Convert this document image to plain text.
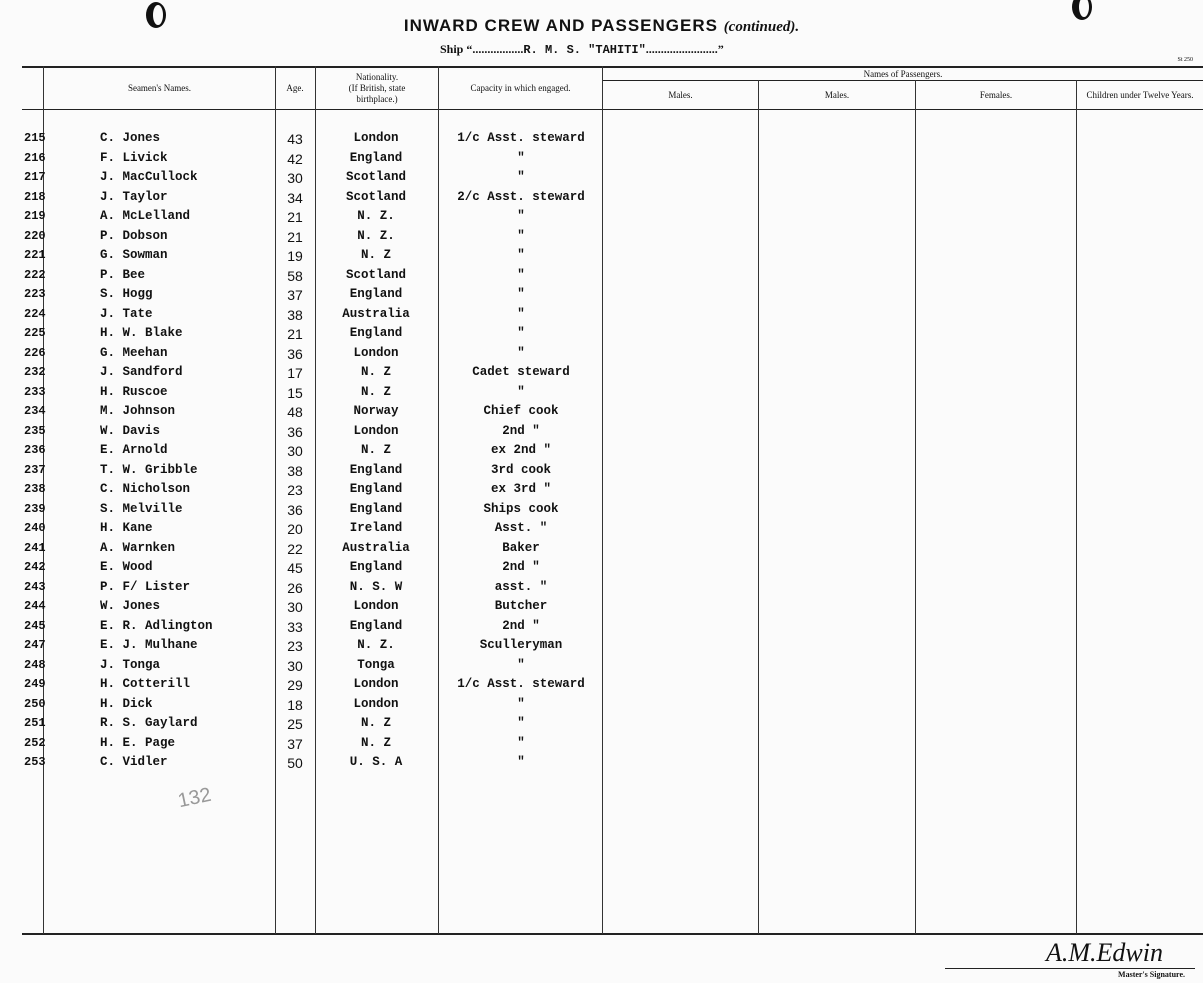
INWARD CREW AND PASSENGERS (continued).
Ship “.................R. M. S. "TAHITI"........................”
St 250
Seamen's Names.	Age.
Nationality.
(If British, state birthplace.)
Capacity in which engaged.
Names of Passengers.
Males.	Males.	Females.	Children under Twelve Years.
215	C. Jones	43	London	1/c Asst. steward
216	F. Livick	42	England	"
217	J. MacCullock	30	Scotland	"
218	J. Taylor	34	Scotland	2/c Asst. steward
219	A. McLelland	21	N. Z.	"
220	P. Dobson	21	N. Z.	"
221	G. Sowman	19	N. Z	"
222	P. Bee	58	Scotland	"
223	S. Hogg	37	England	"
224	J. Tate	38	Australia	"
225	H. W. Blake	21	England	"
226	G. Meehan	36	London	"
232	J. Sandford	17	N. Z	Cadet steward
233	H. Ruscoe	15	N. Z	"
234	M. Johnson	48	Norway	Chief cook
235	W. Davis	36	London	2nd "
236	E. Arnold	30	N. Z	ex 2nd "
237	T. W. Gribble	38	England	3rd cook
238	C. Nicholson	23	England	ex 3rd "
239	S. Melville	36	England	Ships cook
240	H. Kane	20	Ireland	Asst. "
241	A. Warnken	22	Australia	Baker
242	E. Wood	45	England	2nd "
243	P. F/ Lister	26	N. S. W	asst. "
244	W. Jones	30	London	Butcher
245	E. R. Adlington	33	England	2nd "
247	E. J. Mulhane	23	N. Z.	Sculleryman
248	J. Tonga	30	Tonga	"
249	H. Cotterill	29	London	1/c Asst. steward
250	H. Dick	18	London	"
251	R. S. Gaylard	25	N. Z	"
252	H. E. Page	37	N. Z	"
253	C. Vidler	50	U. S. A	"
132
A.M.Edwin
Master's Signature.
